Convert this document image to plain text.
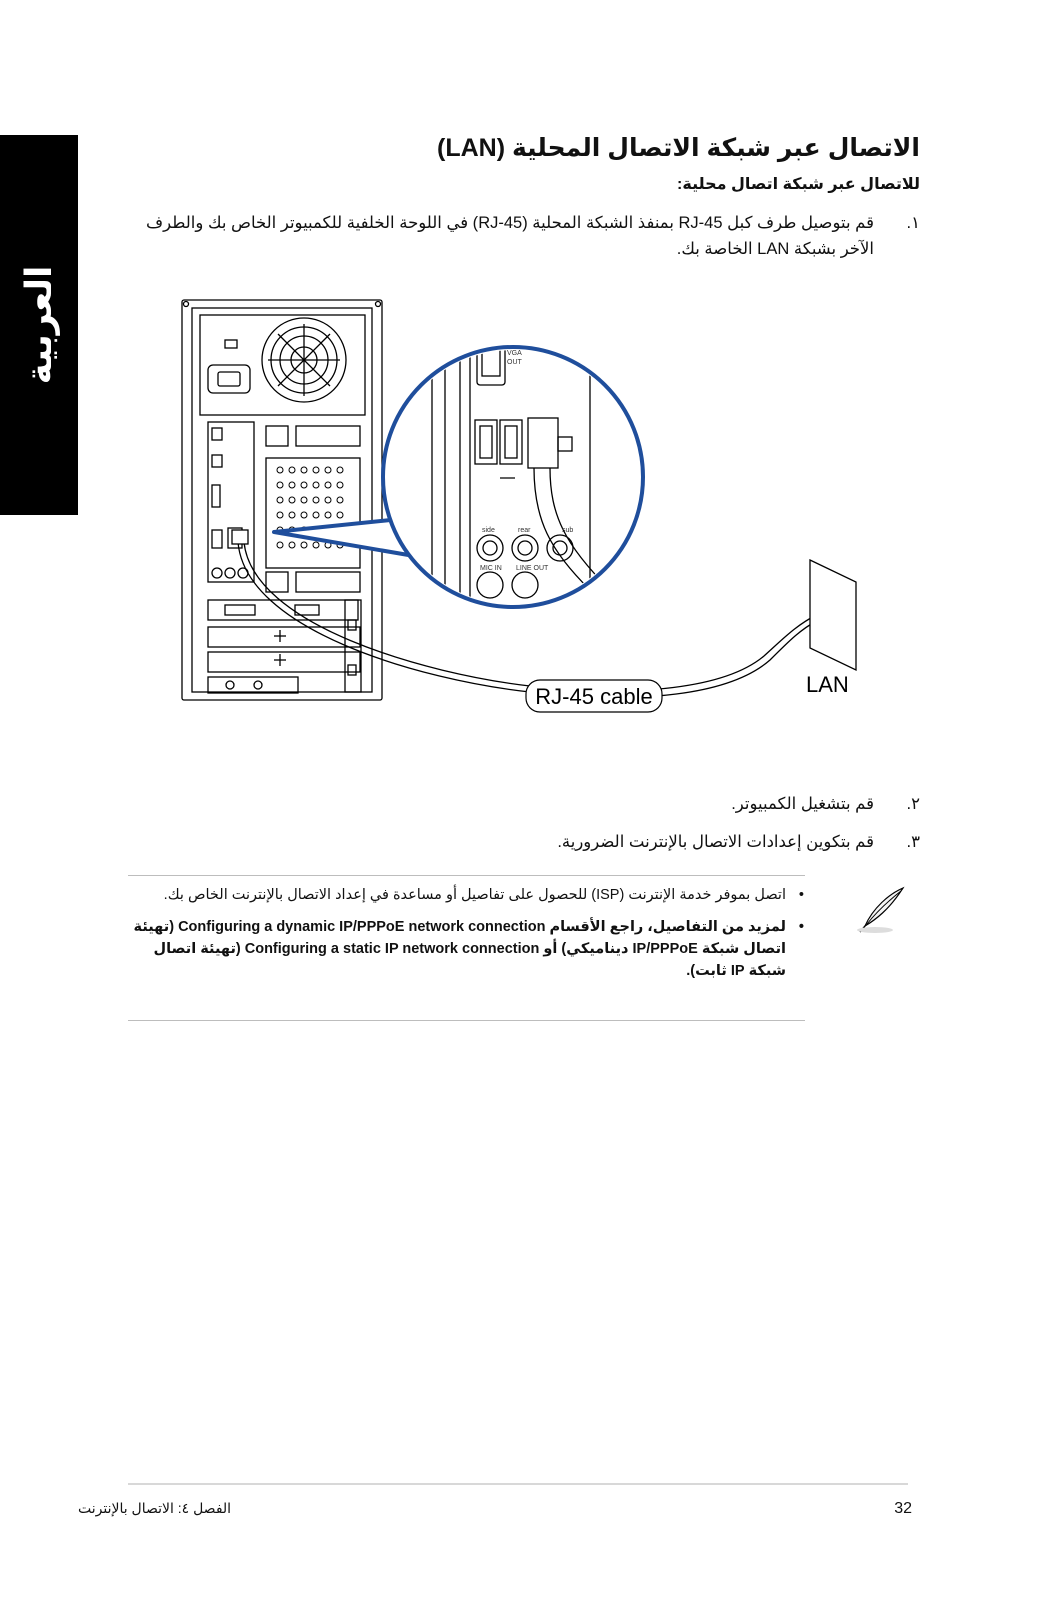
العربية
الاتصال عبر شبكة الاتصال المحلية (LAN)
للاتصال عبر شبكة اتصال محلية:
١.
قم بتوصيل طرف كبل RJ-45 بمنفذ الشبكة المحلية (RJ-45) في اللوحة الخلفية للكمبيوتر الخاص بك والطرف الآخر بشبكة LAN الخاصة بك.
VGA
OUT
side	rear	sub
MIC IN LINE OUT
RJ-45 cable	LAN
٢.
قم بتشغيل الكمبيوتر.
٣.
قم بتكوين إعدادات الاتصال بالإنترنت الضرورية.
•
اتصل بموفر خدمة الإنترنت (ISP) للحصول على تفاصيل أو مساعدة في إعداد الاتصال بالإنترنت الخاص بك.
•
لمزيد من التفاصيل، راجع الأقسام Configuring a dynamic IP/PPPoE network connection (تهيئة اتصال شبكة IP/PPPoE ديناميكي) أو Configuring a static IP network connection (تهيئة اتصال شبكة IP ثابت).
الفصل ٤: الاتصال بالإنترنت	32
